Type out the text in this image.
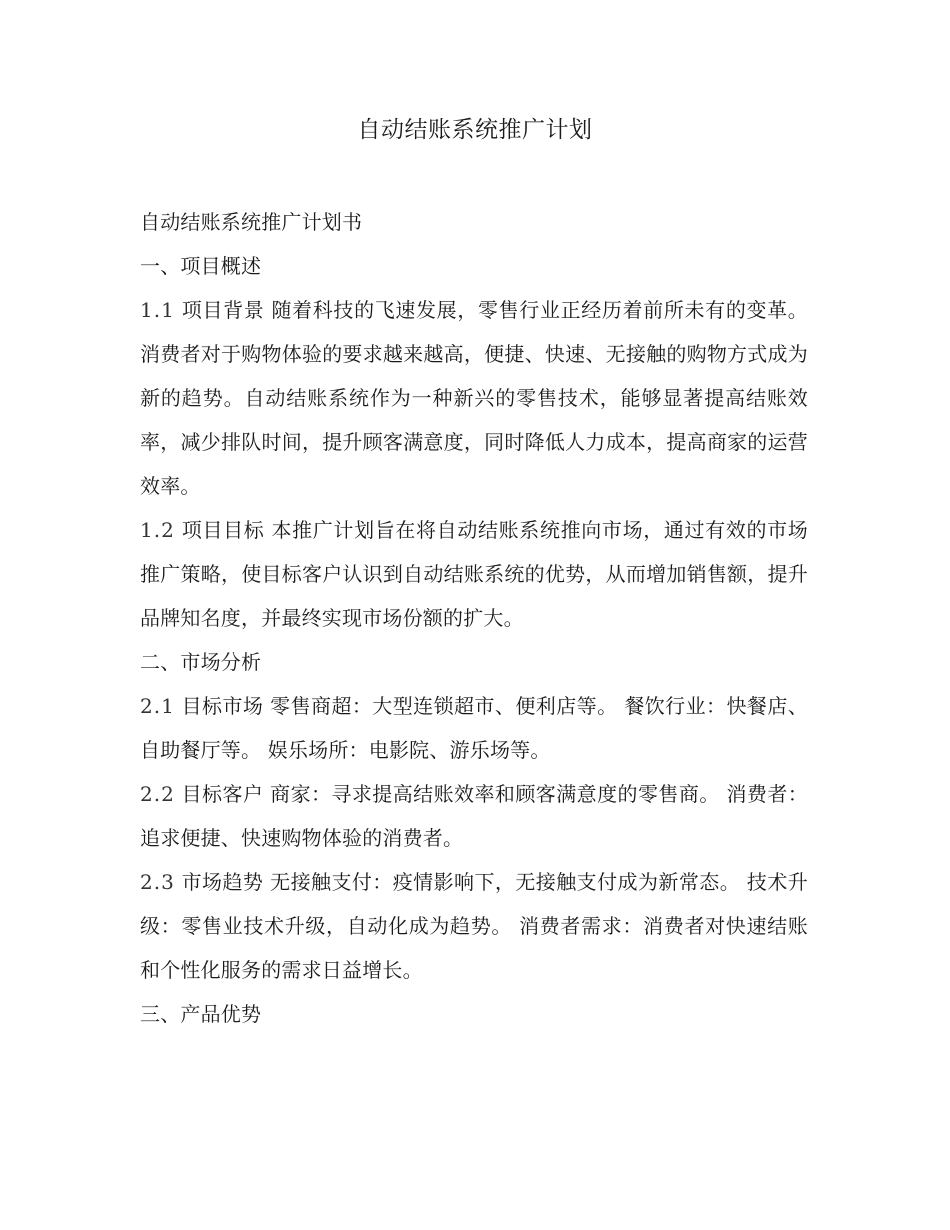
自动结账系统推广计划

自动结账系统推广计划书

一、项目概述

1.1 项目背景 随着科技的飞速发展，零售行业正经历着前所未有的变革。消费者对于购物体验的要求越来越高，便捷、快速、无接触的购物方式成为新的趋势。自动结账系统作为一种新兴的零售技术，能够显著提高结账效率，减少排队时间，提升顾客满意度，同时降低人力成本，提高商家的运营效率。

1.2 项目目标 本推广计划旨在将自动结账系统推向市场，通过有效的市场推广策略，使目标客户认识到自动结账系统的优势，从而增加销售额，提升品牌知名度，并最终实现市场份额的扩大。

二、市场分析

2.1 目标市场 零售商超：大型连锁超市、便利店等。 餐饮行业：快餐店、自助餐厅等。 娱乐场所：电影院、游乐场等。

2.2 目标客户 商家：寻求提高结账效率和顾客满意度的零售商。 消费者：追求便捷、快速购物体验的消费者。

2.3 市场趋势 无接触支付：疫情影响下，无接触支付成为新常态。 技术升级：零售业技术升级，自动化成为趋势。 消费者需求：消费者对快速结账和个性化服务的需求日益增长。

三、产品优势
